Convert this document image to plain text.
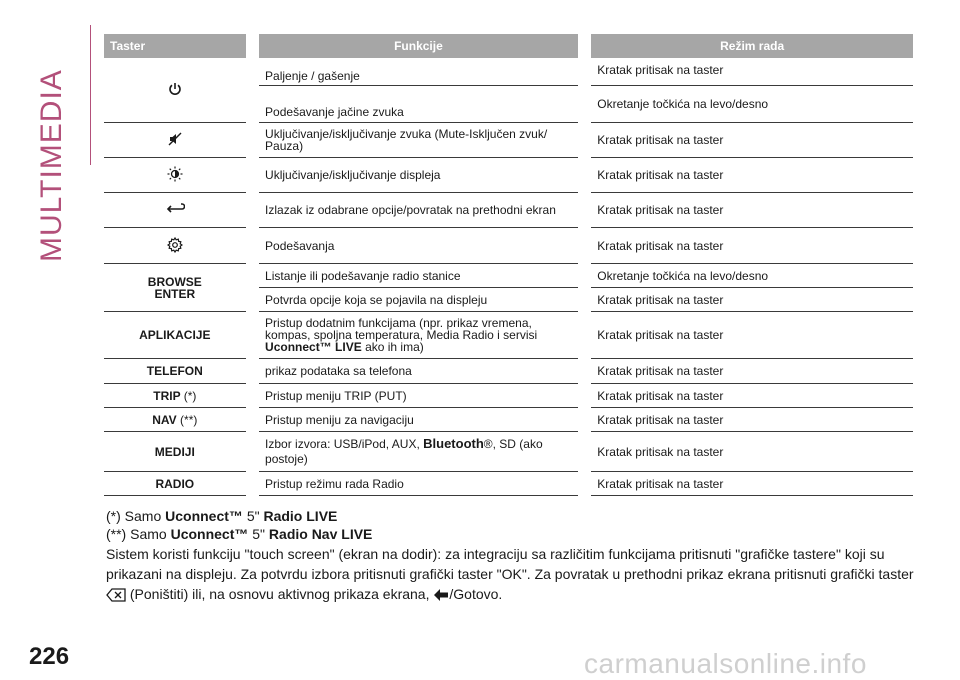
MULTIMEDIA
Taster		Funkcije		Režim rada
		Paljenje / gašenje		Kratak pritisak na taster
		Podešavanje jačine zvuka		Okretanje točkića na levo/desno
		Uključivanje/isključivanje zvuka (Mute-Isključen zvuk/ Pauza)		Kratak pritisak na taster
		Uključivanje/isključivanje displeja		Kratak pritisak na taster
		Izlazak iz odabrane opcije/povratak na prethodni ekran		Kratak pritisak na taster
		Podešavanja		Kratak pritisak na taster

BROWSE ENTER		Listanje ili podešavanje radio stanice		Okretanje točkića na levo/desno
		Potvrda opcije koja se pojavila na displeju		Kratak pritisak na taster
APLIKACIJE		Pristup dodatnim funkcijama (npr. prikaz vremena, kompas, spoljna temperatura, Media Radio i servisi Uconnect™ LIVE ako ih ima)		Kratak pritisak na taster
TELEFON		prikaz podataka sa telefona		Kratak pritisak na taster
TRIP (*)		Pristup meniju TRIP (PUT)		Kratak pritisak na taster
NAV (**)		Pristup meniju za navigaciju		Kratak pritisak na taster
MEDIJI		Izbor izvora: USB/iPod, AUX, Bluetooth®, SD (ako postoje)		Kratak pritisak na taster
RADIO		Pristup režimu rada Radio		Kratak pritisak na taster
(*) Samo Uconnect™ 5" Radio LIVE
(**) Samo Uconnect™ 5" Radio Nav LIVE
Sistem koristi funkciju "touch screen" (ekran na dodir): za integraciju sa različitim funkcijama pritisnuti "grafičke tastere" koji su prikazani na displeju. Za potvrdu izbora pritisnuti grafički taster "OK". Za povratak u prethodni prikaz ekrana pritisnuti grafički taster  (Poništiti) ili, na osnovu aktivnog prikaza ekrana, /Gotovo.
226	carmanualsonline.info
